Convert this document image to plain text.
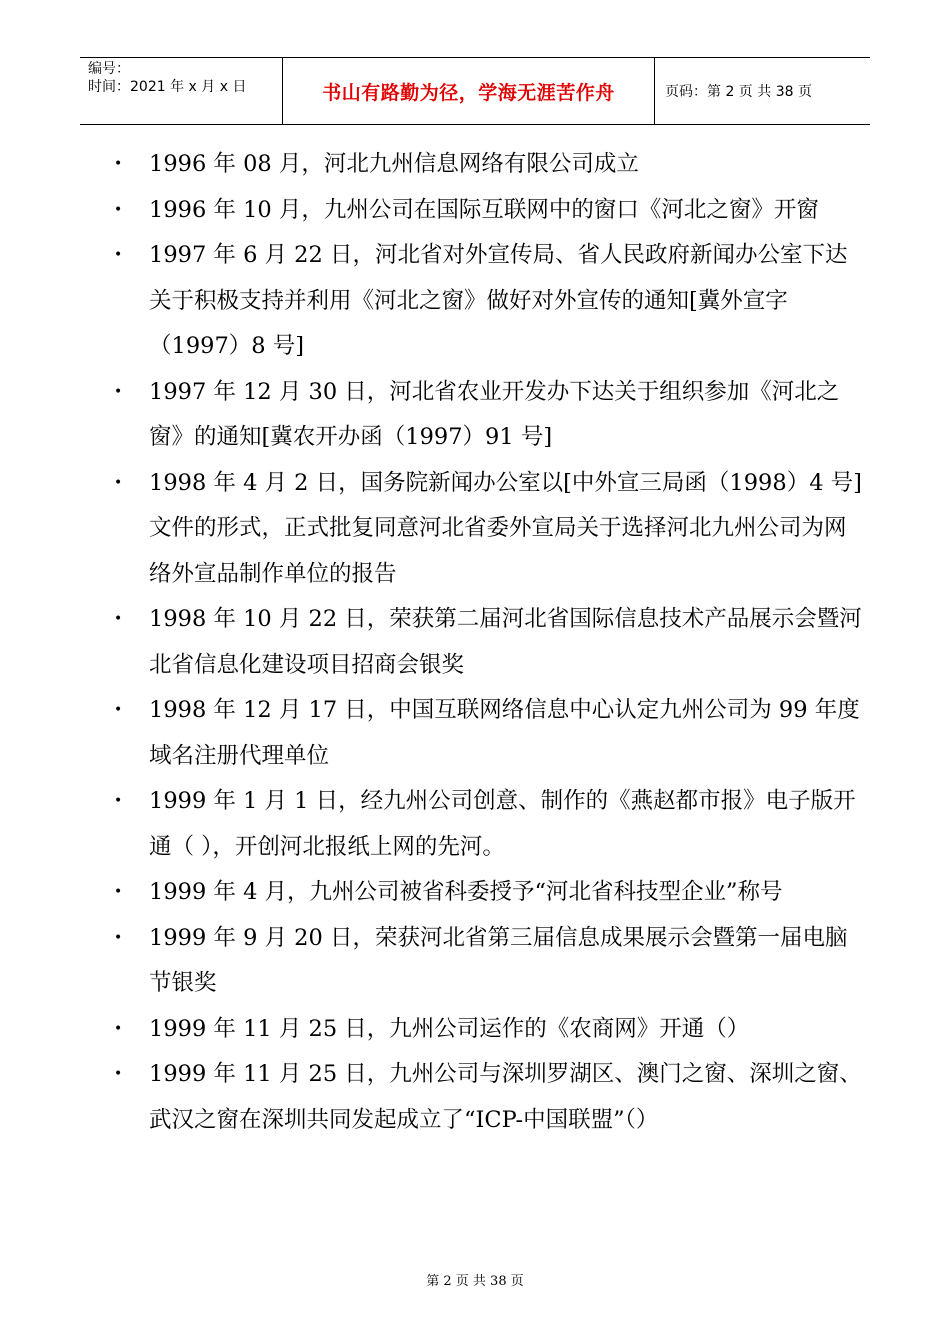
编号：
时间：2021 年 x 月 x 日	书山有路勤为径，学海无涯苦作舟	页码：第 2 页 共 38 页
• 1996 年 08 月，河北九州信息网络有限公司成立
• 1996 年 10 月，九州公司在国际互联网中的窗口《河北之窗》开窗
• 1997 年 6 月 22 日，河北省对外宣传局、省人民政府新闻办公室下达关于积极支持并利用《河北之窗》做好对外宣传的通知[冀外宣字（1997）8 号]
• 1997 年 12 月 30 日，河北省农业开发办下达关于组织参加《河北之窗》的通知[冀农开办函（1997）91 号]
• 1998 年 4 月 2 日，国务院新闻办公室以[中外宣三局函（1998）4 号]文件的形式，正式批复同意河北省委外宣局关于选择河北九州公司为网络外宣品制作单位的报告
• 1998 年 10 月 22 日，荣获第二届河北省国际信息技术产品展示会暨河北省信息化建设项目招商会银奖
• 1998 年 12 月 17 日，中国互联网络信息中心认定九州公司为 99 年度域名注册代理单位
• 1999 年 1 月 1 日，经九州公司创意、制作的《燕赵都市报》电子版开通（ ），开创河北报纸上网的先河。
• 1999 年 4 月，九州公司被省科委授予“河北省科技型企业”称号
• 1999 年 9 月 20 日，荣获河北省第三届信息成果展示会暨第一届电脑节银奖
• 1999 年 11 月 25 日，九州公司运作的《农商网》开通（）
• 1999 年 11 月 25 日，九州公司与深圳罗湖区、澳门之窗、深圳之窗、武汉之窗在深圳共同发起成立了“ICP-中国联盟”（）
第 2 页 共 38 页
